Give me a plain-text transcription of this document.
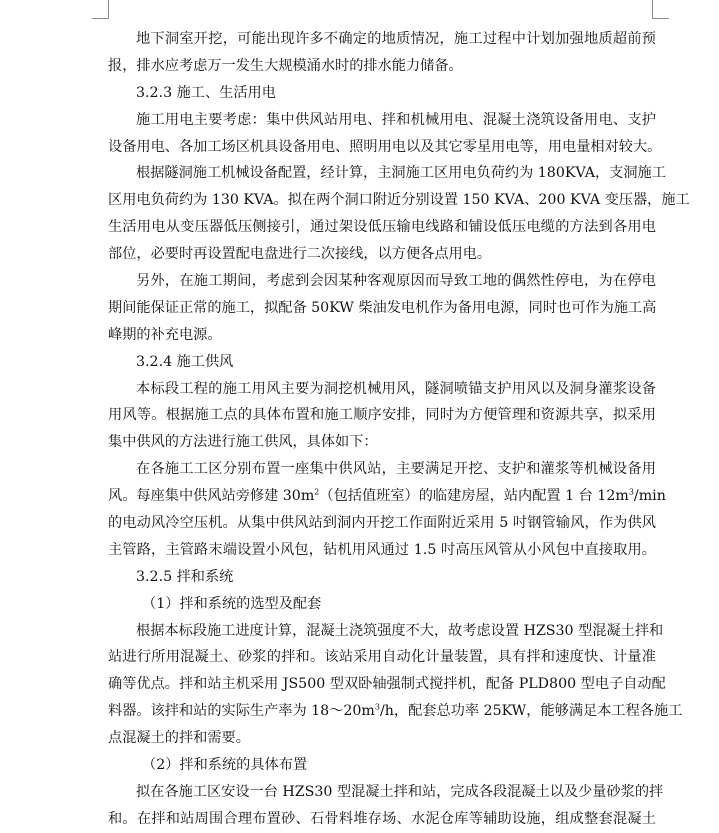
地下洞室开挖，可能出现许多不确定的地质情况，施工过程中计划加强地质超前预
报，排水应考虑万一发生大规模涌水时的排水能力储备。
3.2.3 施工、生活用电
施工用电主要考虑：集中供风站用电、拌和机械用电、混凝土浇筑设备用电、支护
设备用电、各加工场区机具设备用电、照明用电以及其它零星用电等，用电量相对较大。
根据隧洞施工机械设备配置，经计算，主洞施工区用电负荷约为 180KVA，支洞施工
区用电负荷约为 130 KVA。拟在两个洞口附近分别设置 150 KVA、200 KVA 变压器，施工
生活用电从变压器低压侧接引，通过架设低压输电线路和铺设低压电缆的方法到各用电
部位，必要时再设置配电盘进行二次接线，以方便各点用电。
另外，在施工期间，考虑到会因某种客观原因而导致工地的偶然性停电，为在停电
期间能保证正常的施工，拟配备 50KW 柴油发电机作为备用电源，同时也可作为施工高
峰期的补充电源。
3.2.4 施工供风
本标段工程的施工用风主要为洞挖机械用风，隧洞喷锚支护用风以及洞身灌浆设备
用风等。根据施工点的具体布置和施工顺序安排，同时为方便管理和资源共享，拟采用
集中供风的方法进行施工供风，具体如下：
在各施工工区分别布置一座集中供风站，主要满足开挖、支护和灌浆等机械设备用
风。每座集中供风站旁修建 $30m^2$（包括值班室）的临建房屋，站内配置 1 台 $12m^3/\min$
的电动风冷空压机。从集中供风站到洞内开挖工作面附近采用 5 吋钢管输风，作为供风
主管路，主管路末端设置小风包，钻机用风通过 1.5 吋高压风管从小风包中直接取用。
3.2.5 拌和系统
（1）拌和系统的选型及配套
根据本标段施工进度计算，混凝土浇筑强度不大，故考虑设置 HZS30 型混凝土拌和
站进行所用混凝土、砂浆的拌和。该站采用自动化计量装置，具有拌和速度快、计量准
确等优点。拌和站主机采用 JS500 型双卧轴强制式搅拌机，配备 PLD800 型电子自动配
料器。该拌和站的实际生产率为 $18\sim 20m^3/h$，配套总功率 25KW，能够满足本工程各施工
点混凝土的拌和需要。
（2）拌和系统的具体布置
拟在各施工区安设一台 HZS30 型混凝土拌和站，完成各段混凝土以及少量砂浆的拌
和。在拌和站周围合理布置砂、石骨料堆存场、水泥仓库等辅助设施，组成整套混凝土
